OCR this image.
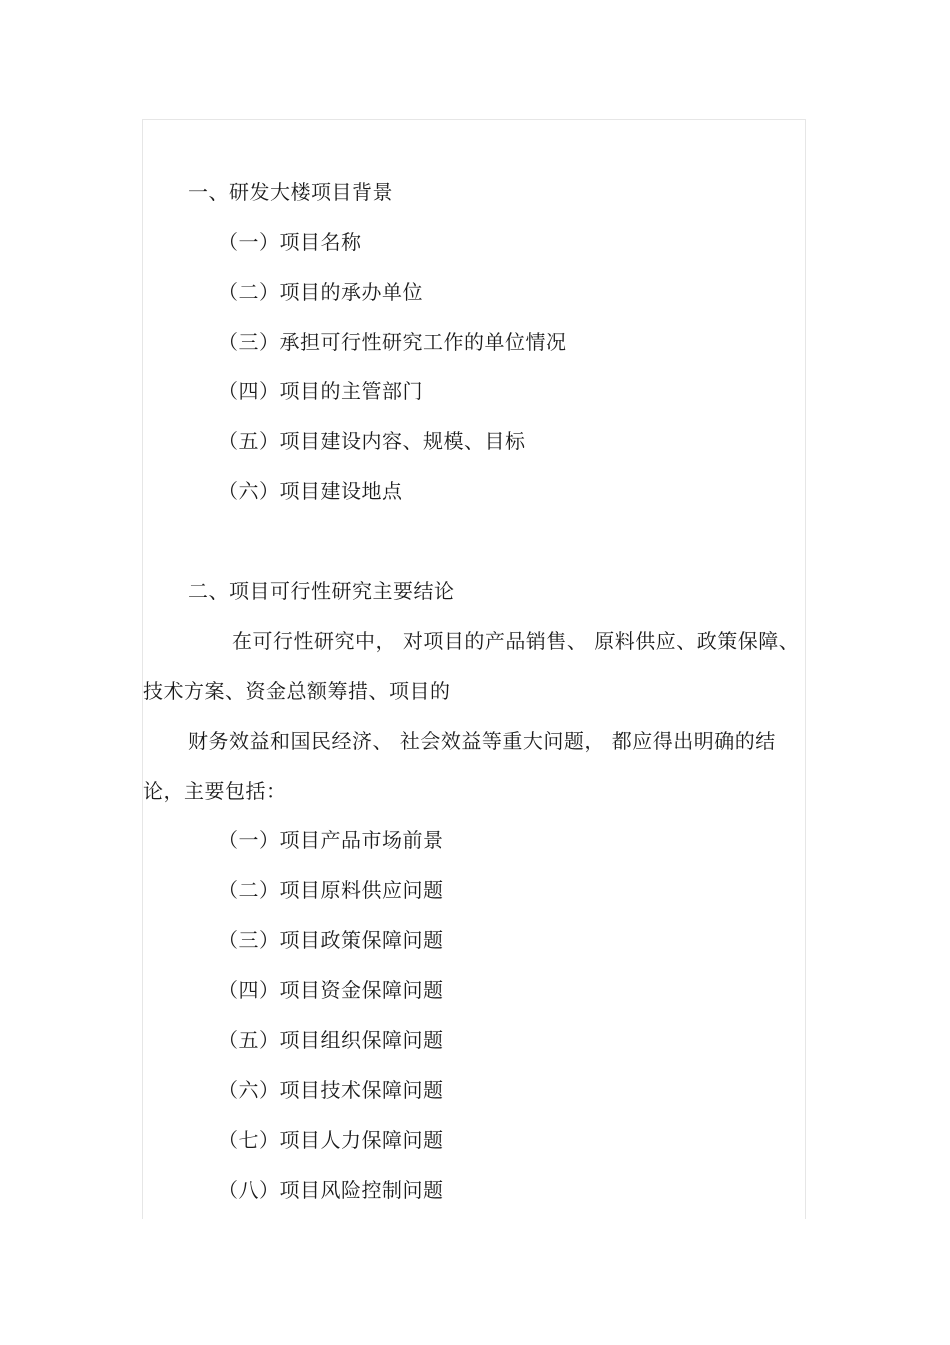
一、研发大楼项目背景
（一）项目名称
（二）项目的承办单位
（三）承担可行性研究工作的单位情况
（四）项目的主管部门
（五）项目建设内容、规模、目标
（六）项目建设地点
二、项目可行性研究主要结论
在可行性研究中， 对项目的产品销售、 原料供应、政策保障、
技术方案、资金总额筹措、项目的
财务效益和国民经济、 社会效益等重大问题， 都应得出明确的结
论，主要包括：
（一）项目产品市场前景
（二）项目原料供应问题
（三）项目政策保障问题
（四）项目资金保障问题
（五）项目组织保障问题
（六）项目技术保障问题
（七）项目人力保障问题
（八）项目风险控制问题
